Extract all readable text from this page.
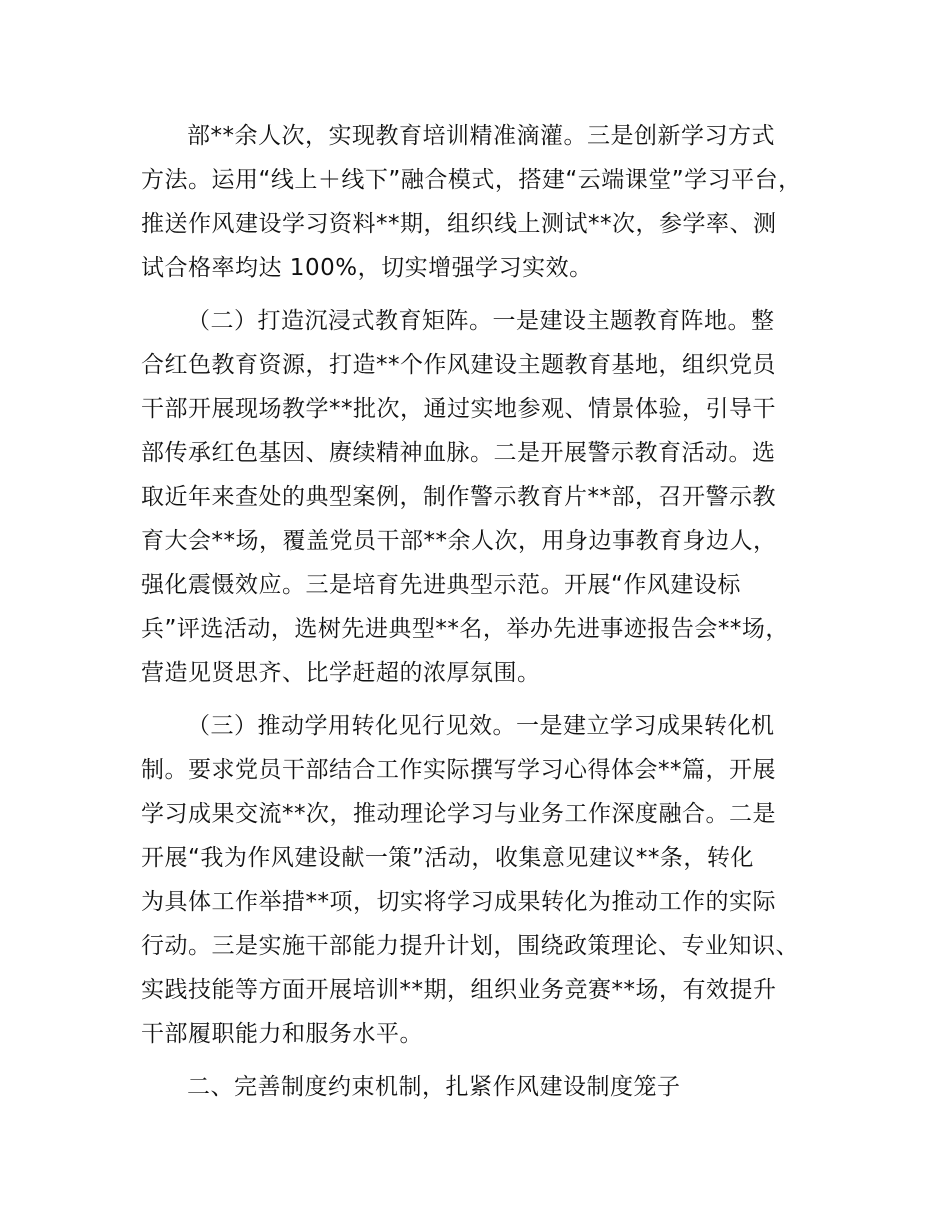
部**余人次，实现教育培训精准滴灌。三是创新学习方式
方法。运用“线上＋线下”融合模式，搭建“云端课堂”学习平台，
推送作风建设学习资料**期，组织线上测试**次，参学率、测
试合格率均达 100%，切实增强学习实效。
（二）打造沉浸式教育矩阵。一是建设主题教育阵地。整
合红色教育资源，打造**个作风建设主题教育基地，组织党员
干部开展现场教学**批次，通过实地参观、情景体验，引导干
部传承红色基因、赓续精神血脉。二是开展警示教育活动。选
取近年来查处的典型案例，制作警示教育片**部，召开警示教
育大会**场，覆盖党员干部**余人次，用身边事教育身边人，
强化震慑效应。三是培育先进典型示范。开展“作风建设标
兵”评选活动，选树先进典型**名，举办先进事迹报告会**场，
营造见贤思齐、比学赶超的浓厚氛围。
（三）推动学用转化见行见效。一是建立学习成果转化机
制。要求党员干部结合工作实际撰写学习心得体会**篇，开展
学习成果交流**次，推动理论学习与业务工作深度融合。二是
开展“我为作风建设献一策”活动，收集意见建议**条，转化
为具体工作举措**项，切实将学习成果转化为推动工作的实际
行动。三是实施干部能力提升计划，围绕政策理论、专业知识、
实践技能等方面开展培训**期，组织业务竞赛**场，有效提升
干部履职能力和服务水平。
二、完善制度约束机制，扎紧作风建设制度笼子
